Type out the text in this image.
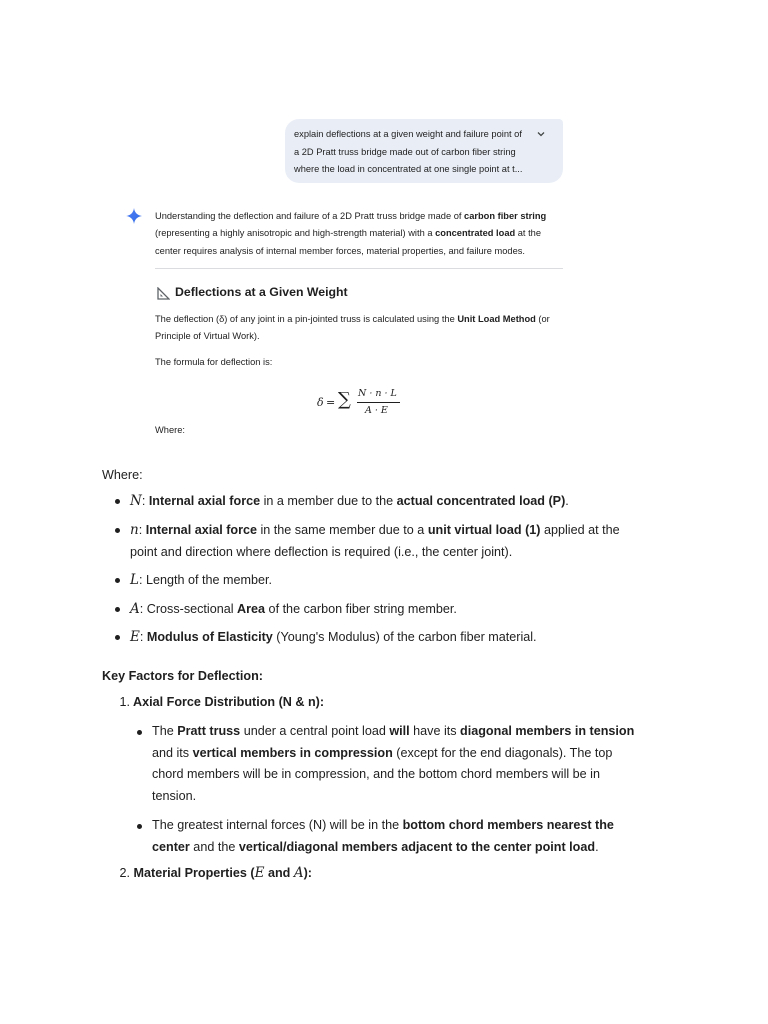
explain deflections at a given weight and failure point of
a 2D Pratt truss bridge made out of carbon fiber string
where the load in concentrated at one single point at t...
Understanding the deflection and failure of a 2D Pratt truss bridge made of carbon fiber string
(representing a highly anisotropic and high-strength material) with a concentrated load at the
center requires analysis of internal member forces, material properties, and failure modes.
Deflections at a Given Weight
The deflection (δ) of any joint in a pin-jointed truss is calculated using the Unit Load Method (or
Principle of Virtual Work).
The formula for deflection is:
δ = ∑ N · n · L
A · E
Where:
Where:
N: Internal axial force in a member due to the actual concentrated load (P).
n: Internal axial force in the same member due to a unit virtual load (1) applied at the
point and direction where deflection is required (i.e., the center joint).
L: Length of the member.
A: Cross-sectional Area of the carbon fiber string member.
E: Modulus of Elasticity (Young's Modulus) of the carbon fiber material.
Key Factors for Deflection:
1. Axial Force Distribution (N & n):
The Pratt truss under a central point load will have its diagonal members in tension
and its vertical members in compression (except for the end diagonals). The top
chord members will be in compression, and the bottom chord members will be in
tension.
The greatest internal forces (N) will be in the bottom chord members nearest the
center and the vertical/diagonal members adjacent to the center point load.
2. Material Properties (E and A):
